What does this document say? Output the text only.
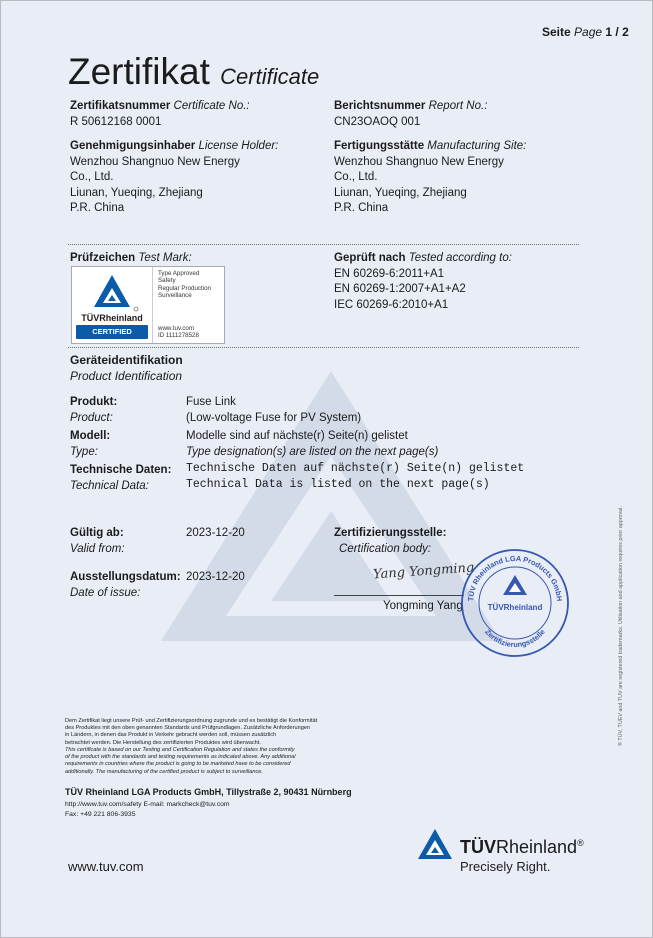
Seite Page 1 / 2
Zertifikat Certificate
Zertifikatsnummer Certificate No.:
R 50612168 0001
Berichtsnummer Report No.:
CN23OAOQ 001
Genehmigungsinhaber License Holder:
Wenzhou Shangnuo New Energy
Co., Ltd.
Liunan, Yueqing, Zhejiang
P.R. China
Fertigungsstätte Manufacturing Site:
Wenzhou Shangnuo New Energy
Co., Ltd.
Liunan, Yueqing, Zhejiang
P.R. China
Prüfzeichen Test Mark:
TÜVRheinland
CERTIFIED
Type Approved
Safety
Regular Production
Surveillance
www.tuv.com
ID 1111278528
Geprüft nach Tested according to:
EN 60269-6:2011+A1
EN 60269-1:2007+A1+A2
IEC 60269-6:2010+A1
Geräteidentifikation
Product Identification
Produkt:
Product:
Fuse Link
(Low-voltage Fuse for PV System)
Modell:
Type:
Modelle sind auf nächste(r) Seite(n) gelistet
Type designation(s) are listed on the next page(s)
Technische Daten:
Technical Data:
Technische Daten auf nächste(r) Seite(n) gelistet
Technical Data is listed on the next page(s)
Gültig ab:
Valid from:
2023-12-20
Ausstellungsdatum:
Date of issue:
2023-12-20
Zertifizierungsstelle:
Certification body:
Yang Yongming
Yongming Yang
TÜV Rheinland LGA Products GmbH
Zertifizierungsstelle
TÜVRheinland
Dem Zertifikat liegt unsere Prüf- und Zertifizierungsordnung zugrunde und es bestätigt die Konformität
des Produktes mit den oben genannten Standards und Prüfgrundlagen. Zusätzliche Anforderungen
in Ländern, in denen das Produkt in Verkehr gebracht werden soll, müssen zusätzlich
betrachtet werden. Die Herstellung des zertifizierten Produktes wird überwacht.
This certificate is based on our Testing and Certification Regulation and states the conformity
of the product with the standards and testing requirements as indicated above. Any additional
requirements in countries where the product is going to be marketed have to be considered
additionally. The manufacturing of the certified product is subject to surveillance.
TÜV Rheinland LGA Products GmbH, Tillystraße 2, 90431 Nürnberg
http://www.tuv.com/safety E-mail: markcheck@tuv.com
Fax: +49 221 806-3935
www.tuv.com
TÜVRheinland®
Precisely Right.
® TÜV, TUEV and TUV are registered trademarks. Utilisation and application requires prior approval.
